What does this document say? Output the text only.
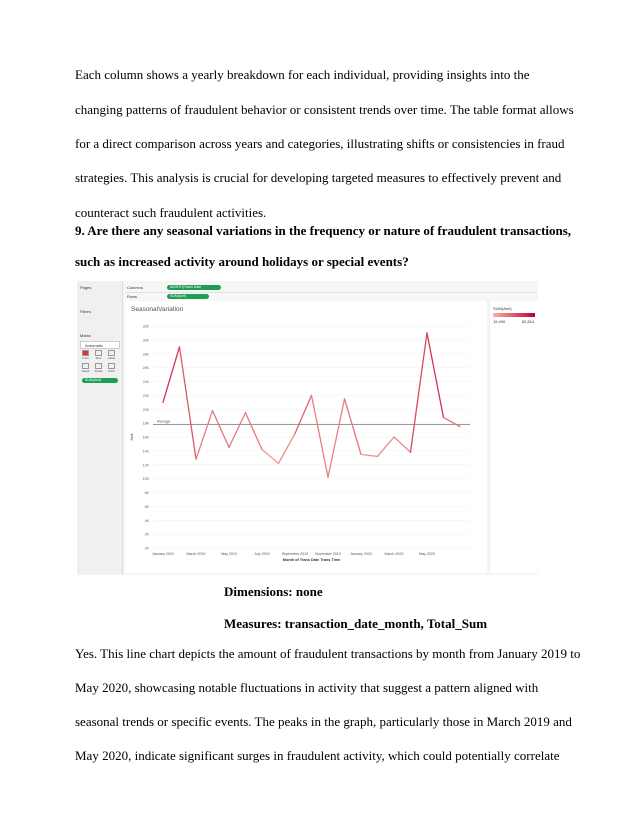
Each column shows a yearly breakdown for each individual, providing insights into the

changing patterns of fraudulent behavior or consistent trends over time. The table format allows

for a direct comparison across years and categories, illustrating shifts or consistencies in fraud

strategies. This analysis is crucial for developing targeted measures to effectively prevent and

counteract such fraudulent activities.

9. Are there any seasonal variations in the frequency or nature of fraudulent transactions,

such as increased activity around holidays or special events?

Pages
Filters
Marks
Automatic
Color	Size	Label
Detail Tooltip	Path
SUM(Amt)
Columns	MONTH(Trans Date
Rows	SUM(Amt)
SeasonalVariation
0K
2K
4K
6K
8K
10K
12K
14K
16K
18K
20K
22K
24K
26K
28K
30K
32K
Amt
January 2019	March 2019	May 2019	July 2019	September 2019 November 2019	January 2020	March 2020	May 2020
Month of Trans Date Trans Time
Average
SUM(Amt)
15,490	82,814

Dimensions: none

Measures: transaction_date_month, Total_Sum

Yes. This line chart depicts the amount of fraudulent transactions by month from January 2019 to

May 2020, showcasing notable fluctuations in activity that suggest a pattern aligned with

seasonal trends or specific events. The peaks in the graph, particularly those in March 2019 and

May 2020, indicate significant surges in fraudulent activity, which could potentially correlate
